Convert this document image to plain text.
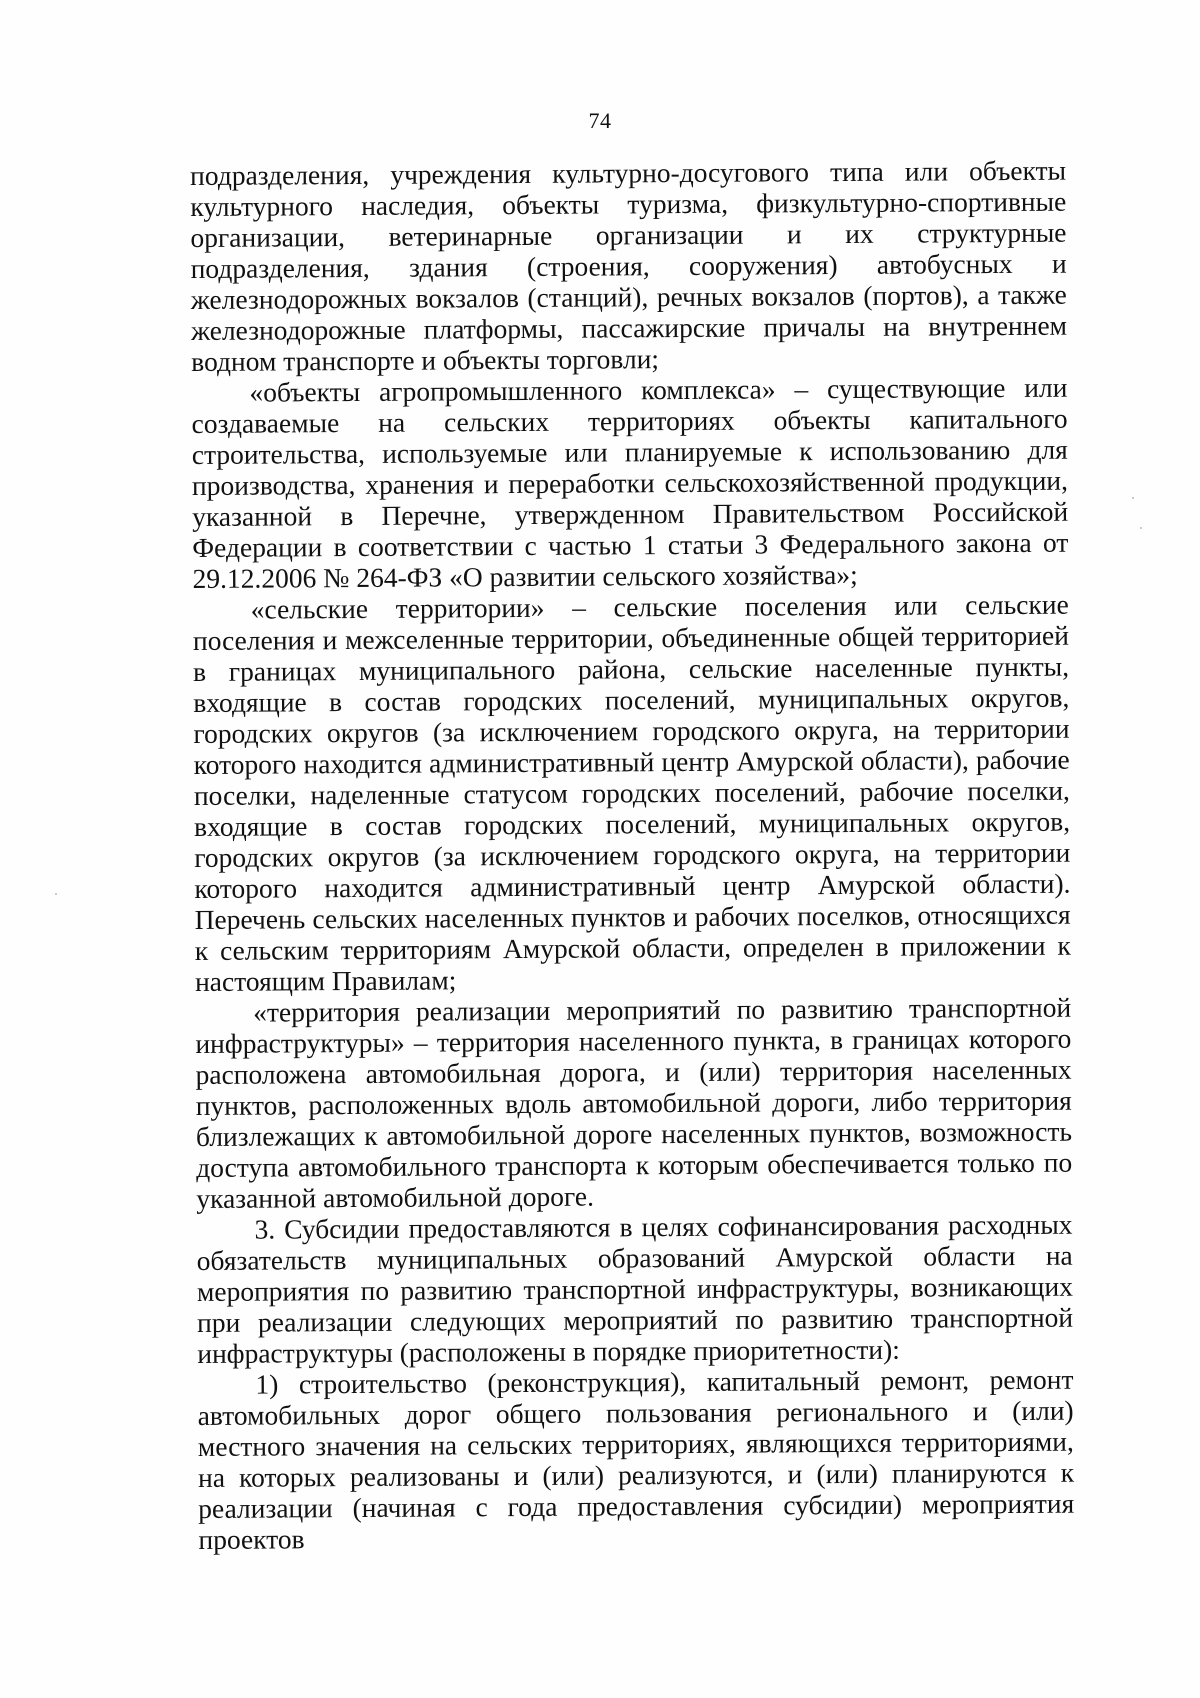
74

подразделения, учреждения культурно-досугового типа или объекты культурного наследия, объекты туризма, физкультурно-спортивные организации, ветеринарные организации и их структурные подразделения, здания (строения, сооружения) автобусных и железнодорожных вокзалов (станций), речных вокзалов (портов), а также железнодорожные платформы, пассажирские причалы на внутреннем водном транспорте и объекты торговли;

«объекты агропромышленного комплекса» – существующие или создаваемые на сельских территориях объекты капитального строительства, используемые или планируемые к использованию для производства, хранения и переработки сельскохозяйственной продукции, указанной в Перечне, утвержденном Правительством Российской Федерации в соответствии с частью 1 статьи 3 Федерального закона от 29.12.2006 № 264-ФЗ «О развитии сельского хозяйства»;

«сельские территории» – сельские поселения или сельские поселения и межселенные территории, объединенные общей территорией в границах муниципального района, сельские населенные пункты, входящие в состав городских поселений, муниципальных округов, городских округов (за исключением городского округа, на территории которого находится административный центр Амурской области), рабочие поселки, наделенные статусом городских поселений, рабочие поселки, входящие в состав городских поселений, муниципальных округов, городских округов (за исключением городского округа, на территории которого находится административный центр Амурской области). Перечень сельских населенных пунктов и рабочих поселков, относящихся к сельским территориям Амурской области, определен в приложении к настоящим Правилам;

«территория реализации мероприятий по развитию транспортной инфраструктуры» – территория населенного пункта, в границах которого расположена автомобильная дорога, и (или) территория населенных пунктов, расположенных вдоль автомобильной дороги, либо территория близлежащих к автомобильной дороге населенных пунктов, возможность доступа автомобильного транспорта к которым обеспечивается только по указанной автомобильной дороге.

3. Субсидии предоставляются в целях софинансирования расходных обязательств муниципальных образований Амурской области на мероприятия по развитию транспортной инфраструктуры, возникающих при реализации следующих мероприятий по развитию транспортной инфраструктуры (расположены в порядке приоритетности):

1) строительство (реконструкция), капитальный ремонт, ремонт автомобильных дорог общего пользования регионального и (или) местного значения на сельских территориях, являющихся территориями, на которых реализованы и (или) реализуются, и (или) планируются к реализации (начиная с года предоставления субсидии) мероприятия проектов
